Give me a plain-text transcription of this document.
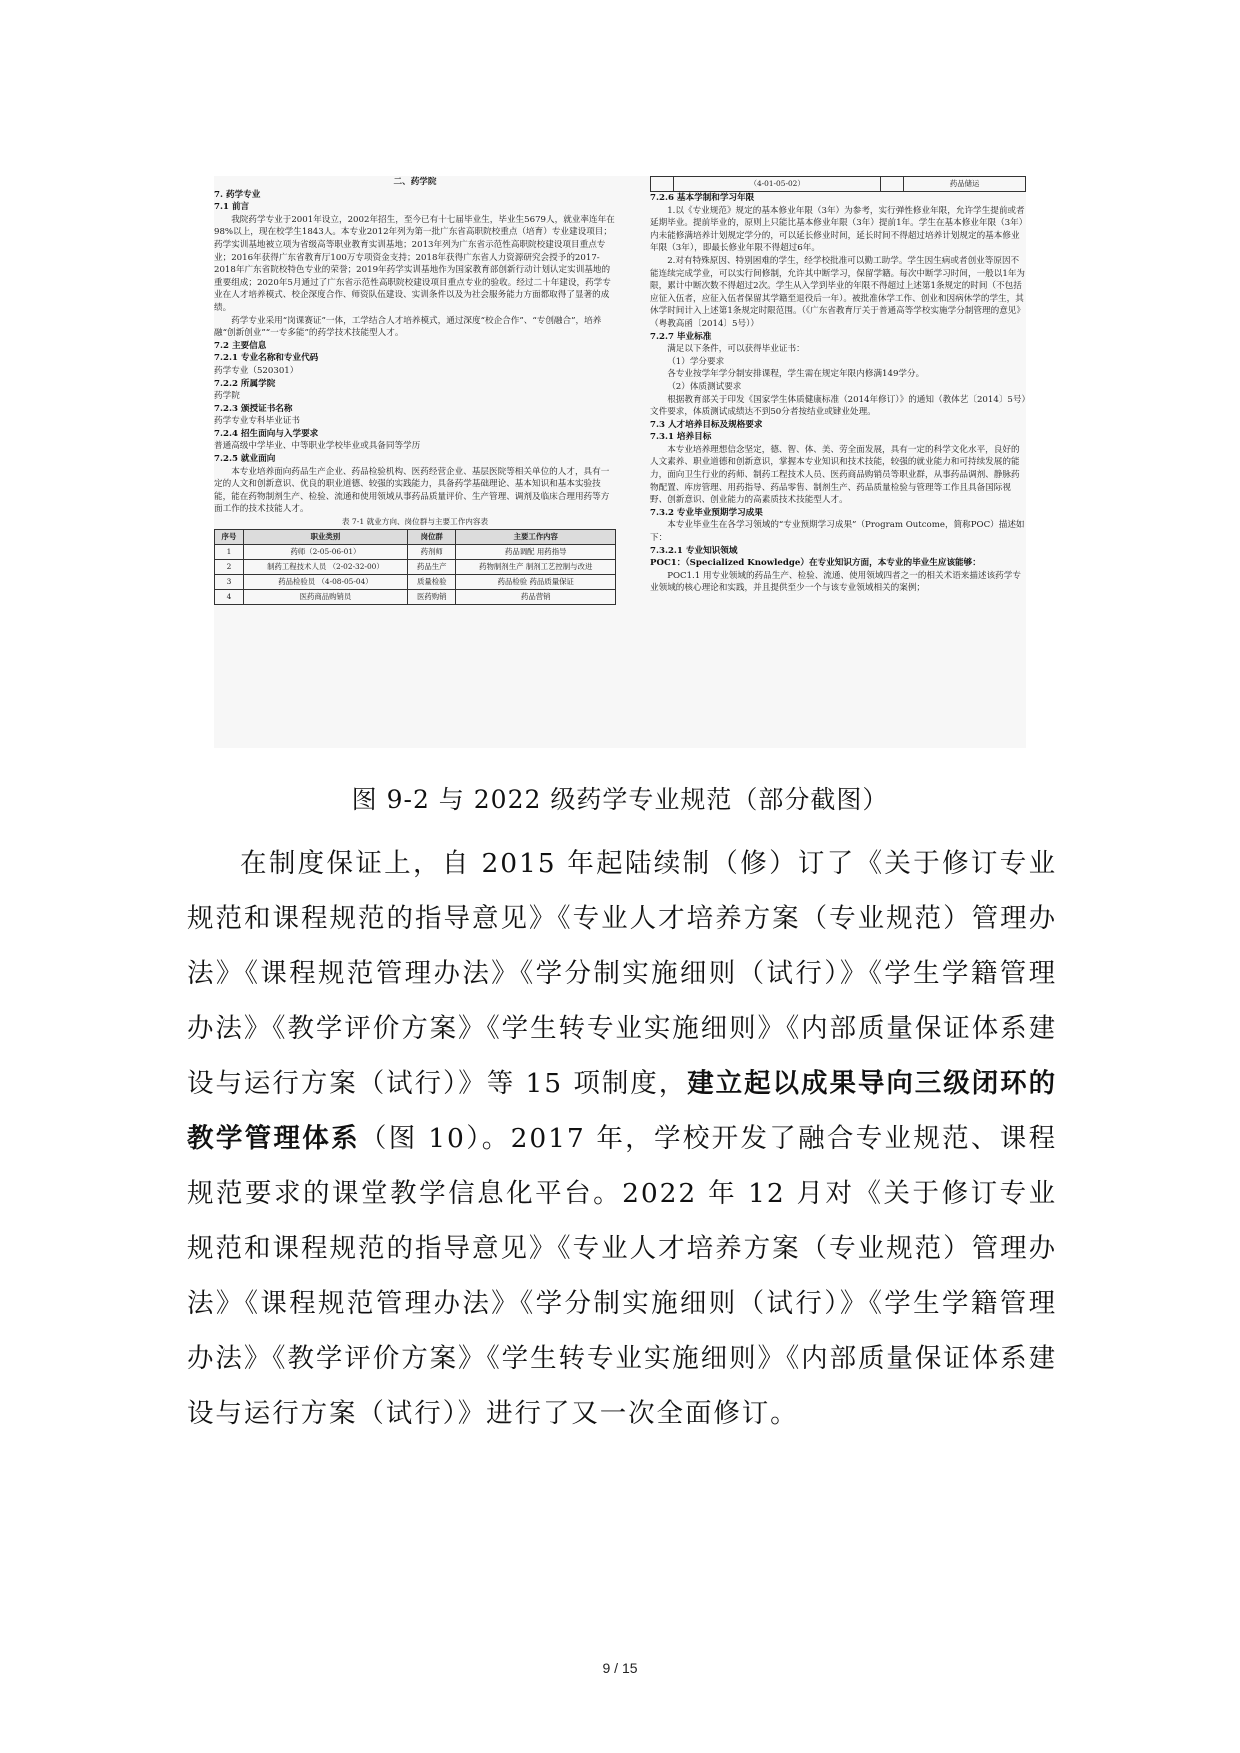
二、药学院

7. 药学专业

7.1 前言

我院药学专业于2001年设立，2002年招生，至今已有十七届毕业生，毕业生5679人，就业率连年在98%以上，现在校学生1843人。本专业2012年列为第一批广东省高职院校重点（培育）专业建设项目；药学实训基地被立项为省级高等职业教育实训基地；2013年列为广东省示范性高职院校建设项目重点专业；2016年获得广东省教育厅100万专项资金支持；2018年获得广东省人力资源研究会授予的2017-2018年广东省院校特色专业的荣誉；2019年药学实训基地作为国家教育部创新行动计划认定实训基地的重要组成；2020年5月通过了广东省示范性高职院校建设项目重点专业的验收。经过二十年建设，药学专业在人才培养模式、校企深度合作、师资队伍建设、实训条件以及为社会服务能力方面都取得了显著的成绩。

药学专业采用“岗课赛证”一体，工学结合人才培养模式，通过深度“校企合作”、“专创融合”，培养融“创新创业”“一专多能”的药学技术技能型人才。

7.2 主要信息

7.2.1 专业名称和专业代码

药学专业（520301）

7.2.2 所属学院

药学院

7.2.3 颁授证书名称

药学专业专科毕业证书

7.2.4 招生面向与入学要求

普通高级中学毕业、中等职业学校毕业或具备同等学历

7.2.5 就业面向

本专业培养面向药品生产企业、药品检验机构、医药经营企业、基层医院等相关单位的人才，具有一定的人文和创新意识、优良的职业道德、较强的实践能力，具备药学基础理论、基本知识和基本实验技能，能在药物制剂生产、检验、流通和使用领域从事药品质量评价、生产管理、调剂及临床合理用药等方面工作的技术技能人才。

表 7-1 就业方向、岗位群与主要工作内容表

序号	职业类别	岗位群	主要工作内容
1	药师（2-05-06-01）	药剂师	药品调配 用药指导
2	制药工程技术人员 （2-02-32-00）	药品生产	药物制剂生产 制剂工艺控制与改进
3	药品检验员 （4-08-05-04）	质量检验	药品检验 药品质量保证
4	医药商品购销员	医药购销	药品营销
	（4-01-05-02）		药品储运

7.2.6 基本学制和学习年限

1.以《专业规范》规定的基本修业年限（3年）为参考，实行弹性修业年限，允许学生提前或者延期毕业。提前毕业的，原则上只能比基本修业年限（3年）提前1年。学生在基本修业年限（3年）内未能修满培养计划规定学分的，可以延长修业时间，延长时间不得超过培养计划规定的基本修业年限（3年），即最长修业年限不得超过6年。

2.对有特殊原因、特别困难的学生，经学校批准可以勤工助学。学生因生病或者创业等原因不能连续完成学业，可以实行间修制，允许其中断学习，保留学籍。每次中断学习时间，一般以1年为限，累计中断次数不得超过2次。学生从入学到毕业的年限不得超过上述第1条规定的时间（不包括应征入伍者，应征入伍者保留其学籍至退役后一年）。被批准休学工作、创业和因病休学的学生，其休学时间计入上述第1条规定时限范围。（《广东省教育厅关于普通高等学校实施学分制管理的意见》（粤教高函〔2014〕5号））

7.2.7 毕业标准

满足以下条件，可以获得毕业证书：

（1）学分要求

各专业按学年学分制安排课程，学生需在规定年限内修满149学分。

（2）体质测试要求

根据教育部关于印发《国家学生体质健康标准（2014年修订）》的通知（教体艺〔2014〕5号）文件要求，体质测试成绩达不到50分者按结业或肄业处理。

7.3 人才培养目标及规格要求

7.3.1 培养目标

本专业培养理想信念坚定，德、智、体、美、劳全面发展，具有一定的科学文化水平，良好的人文素养、职业道德和创新意识，掌握本专业知识和技术技能，较强的就业能力和可持续发展的能力，面向卫生行业的药师、制药工程技术人员、医药商品购销员等职业群，从事药品调剂、静脉药物配置、库房管理、用药指导、药品零售、制剂生产、药品质量检验与管理等工作且具备国际视野、创新意识、创业能力的高素质技术技能型人才。

7.3.2 专业毕业预期学习成果

本专业毕业生在各学习领域的“专业预期学习成果”（Program Outcome，简称POC）描述如下：

7.3.2.1 专业知识领域

POC1：（Specialized Knowledge）在专业知识方面，本专业的毕业生应该能够：

POC1.1 用专业领域的药品生产、检验、流通、使用领域四者之一的相关术语来描述该药学专业领域的核心理论和实践，并且提供至少一个与该专业领域相关的案例；

图 9-2 与 2022 级药学专业规范（部分截图）

在制度保证上，自 2015 年起陆续制（修）订了《关于修订专业规范和课程规范的指导意见》《专业人才培养方案（专业规范）管理办法》《课程规范管理办法》《学分制实施细则（试行）》《学生学籍管理办法》《教学评价方案》《学生转专业实施细则》《内部质量保证体系建设与运行方案（试行）》等 15 项制度，建立起以成果导向三级闭环的教学管理体系（图 10）。2017 年，学校开发了融合专业规范、课程规范要求的课堂教学信息化平台。2022 年 12 月对《关于修订专业规范和课程规范的指导意见》《专业人才培养方案（专业规范）管理办法》《课程规范管理办法》《学分制实施细则（试行）》《学生学籍管理办法》《教学评价方案》《学生转专业实施细则》《内部质量保证体系建设与运行方案（试行）》进行了又一次全面修订。

9 / 15
